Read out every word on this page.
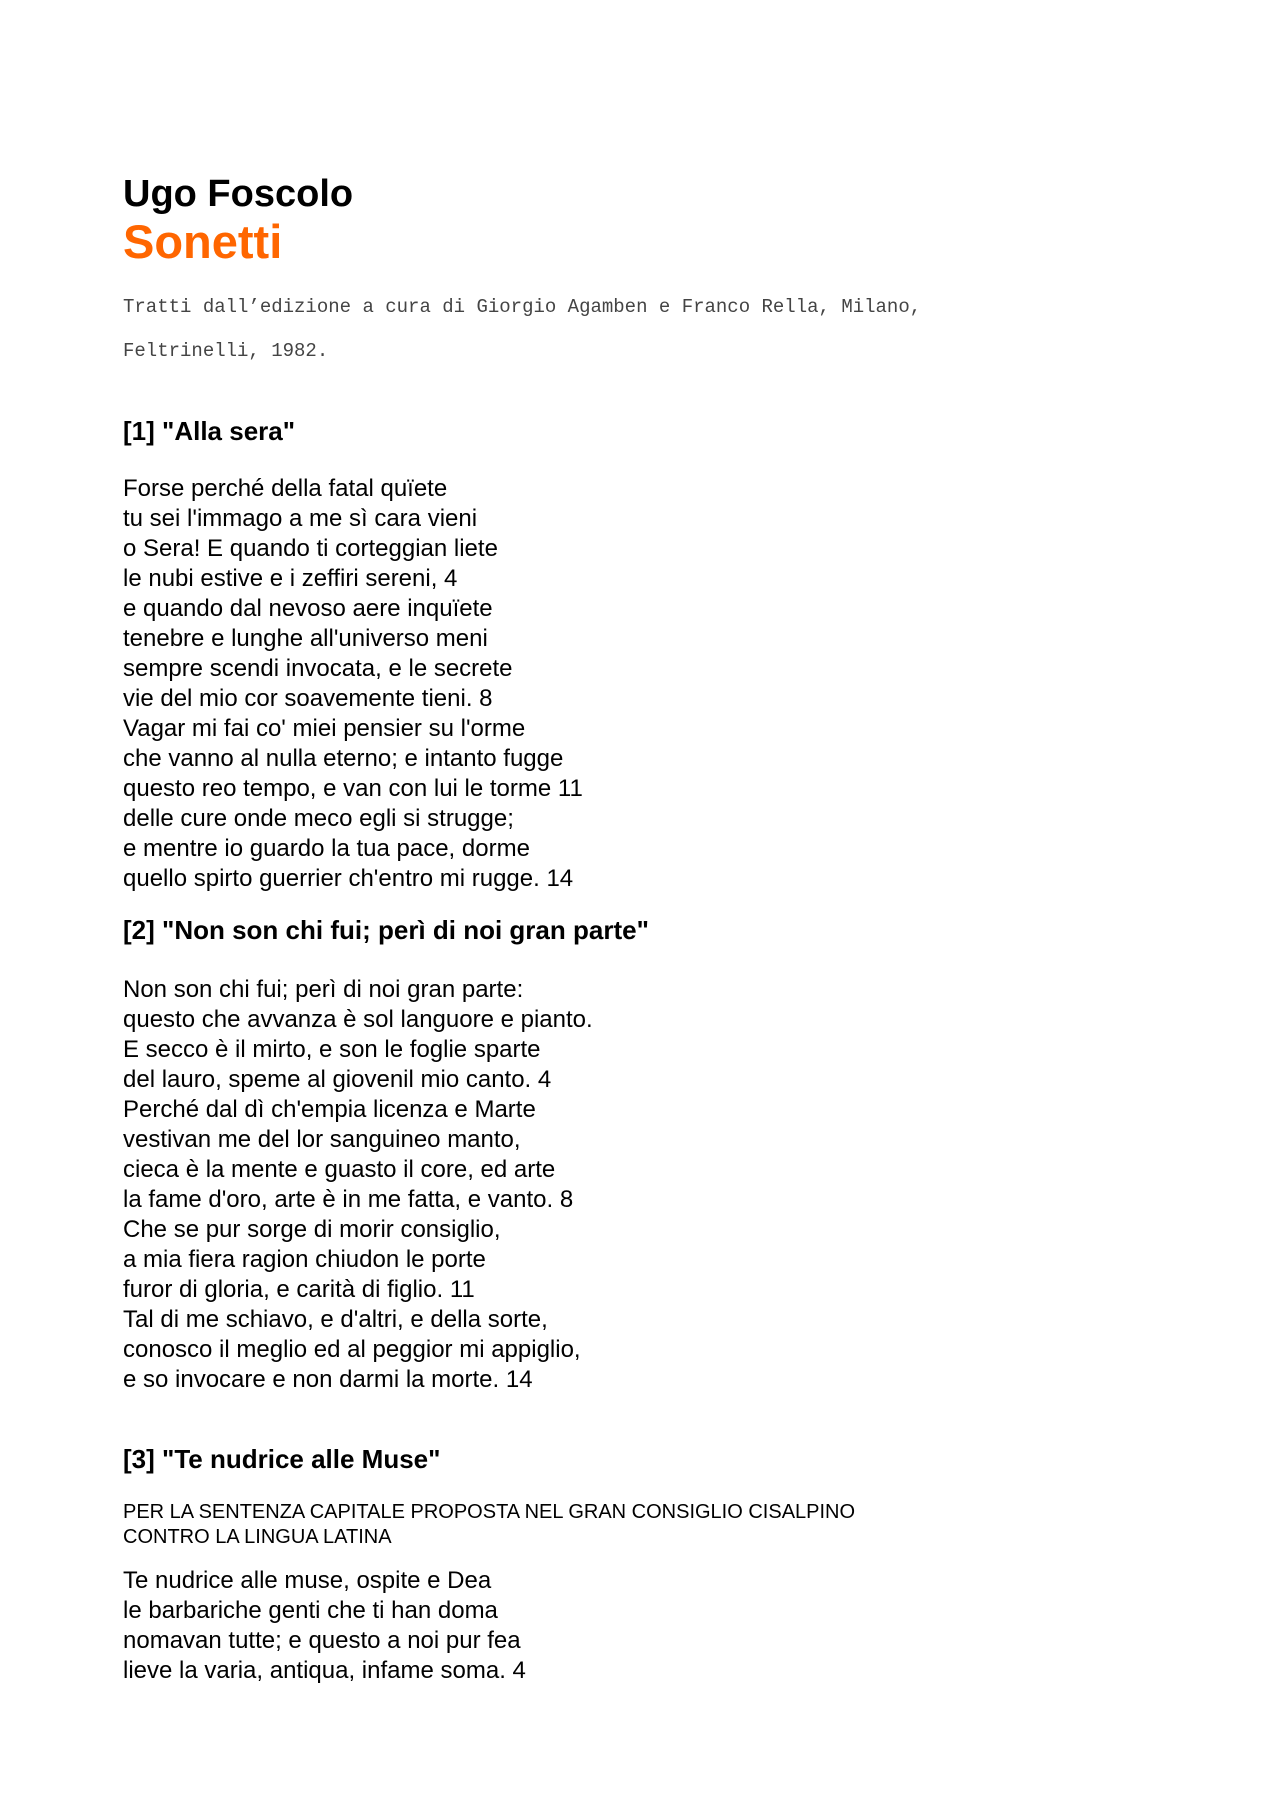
Ugo Foscolo
Sonetti

Tratti dall’edizione a cura di Giorgio Agamben e Franco Rella, Milano,

Feltrinelli, 1982.

[1] "Alla sera"
Forse perché della fatal quïete
tu sei l'immago a me sì cara vieni
o Sera! E quando ti corteggian liete
le nubi estive e i zeffiri sereni, 4
e quando dal nevoso aere inquïete
tenebre e lunghe all'universo meni
sempre scendi invocata, e le secrete
vie del mio cor soavemente tieni. 8
Vagar mi fai co' miei pensier su l'orme
che vanno al nulla eterno; e intanto fugge
questo reo tempo, e van con lui le torme 11
delle cure onde meco egli si strugge;
e mentre io guardo la tua pace, dorme
quello spirto guerrier ch'entro mi rugge. 14
[2] "Non son chi fui; perì di noi gran parte"
Non son chi fui; perì di noi gran parte:
questo che avvanza è sol languore e pianto.
E secco è il mirto, e son le foglie sparte
del lauro, speme al giovenil mio canto. 4
Perché dal dì ch'empia licenza e Marte
vestivan me del lor sanguineo manto,
cieca è la mente e guasto il core, ed arte
la fame d'oro, arte è in me fatta, e vanto. 8
Che se pur sorge di morir consiglio,
a mia fiera ragion chiudon le porte
furor di gloria, e carità di figlio. 11
Tal di me schiavo, e d'altri, e della sorte,
conosco il meglio ed al peggior mi appiglio,
e so invocare e non darmi la morte. 14
[3] "Te nudrice alle Muse"
PER LA SENTENZA CAPITALE PROPOSTA NEL GRAN CONSIGLIO CISALPINO
CONTRO LA LINGUA LATINA
Te nudrice alle muse, ospite e Dea
le barbariche genti che ti han doma
nomavan tutte; e questo a noi pur fea
lieve la varia, antiqua, infame soma. 4
